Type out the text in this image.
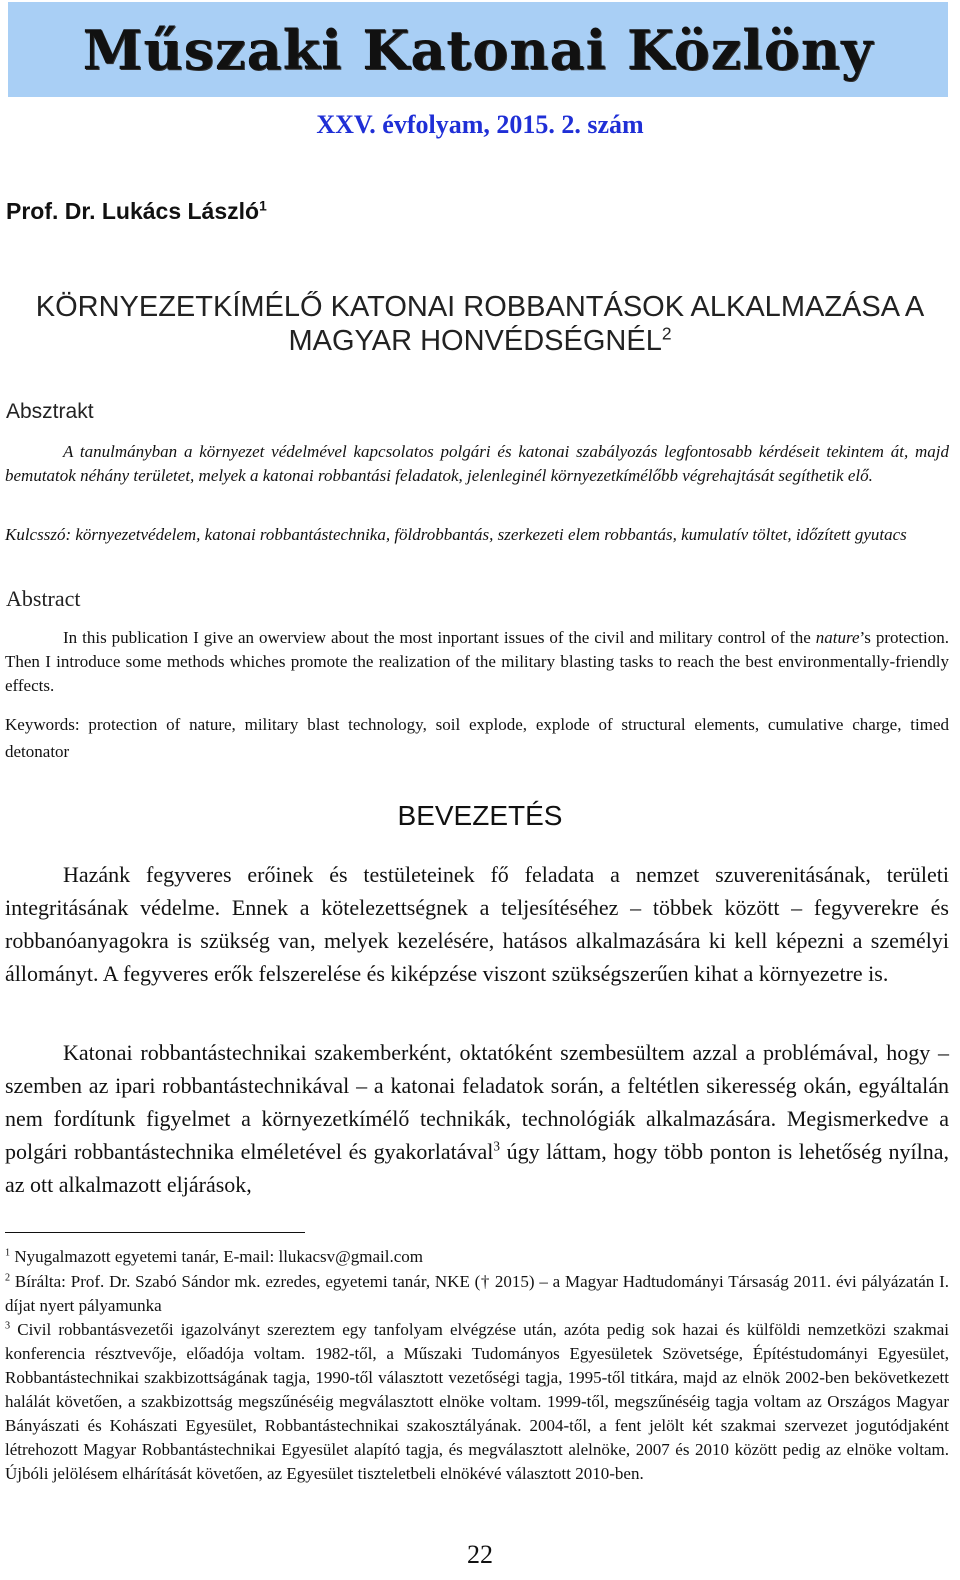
Műszaki Katonai Közlöny
XXV. évfolyam, 2015. 2. szám
Prof. Dr. Lukács László$^1$
KÖRNYEZETKÍMÉLŐ KATONAI ROBBANTÁSOK ALKALMAZÁSA A
MAGYAR HONVÉDSÉGNÉL$^2$
Absztrakt
A tanulmányban a környezet védelmével kapcsolatos polgári és katonai szabályozás legfontosabb kérdéseit tekintem át, majd bemutatok néhány területet, melyek a katonai robbantási feladatok, jelenleginél környezetkímélőbb végrehajtását segíthetik elő.
Kulcsszó: környezetvédelem, katonai robbantástechnika, földrobbantás, szerkezeti elem robbantás, kumulatív töltet, időzített gyutacs
Abstract
In this publication I give an owerview about the most inportant issues of the civil and military control of the nature’s protection. Then I introduce some methods whiches promote the realization of the military blasting tasks to reach the best environmentally-friendly effects.
Keywords: protection of nature, military blast technology, soil explode, explode of structural elements, cumulative charge, timed detonator
BEVEZETÉS
Hazánk fegyveres erőinek és testületeinek fő feladata a nemzet szuverenitásának, területi integritásának védelme. Ennek a kötelezettségnek a teljesítéséhez – többek között – fegyverekre és robbanóanyagokra is szükség van, melyek kezelésére, hatásos alkalmazására ki kell képezni a személyi állományt. A fegyveres erők felszerelése és kiképzése viszont szükségszerűen kihat a környezetre is.
Katonai robbantástechnikai szakemberként, oktatóként szembesültem azzal a problémával, hogy – szemben az ipari robbantástechnikával – a katonai feladatok során, a feltétlen sikeresség okán, egyáltalán nem fordítunk figyelmet a környezetkímélő technikák, technológiák alkalmazására. Megismerkedve a polgári robbantástechnika elméletével és gyakorlatával$^3$ úgy láttam, hogy több ponton is lehetőség nyílna, az ott alkalmazott eljárások,
$^1$ Nyugalmazott egyetemi tanár, E-mail: llukacsv@gmail.com
$^2$ Bírálta: Prof. Dr. Szabó Sándor mk. ezredes, egyetemi tanár, NKE († 2015) – a Magyar Hadtudományi Társaság 2011. évi pályázatán I. díjat nyert pályamunka
$^3$ Civil robbantásvezetői igazolványt szereztem egy tanfolyam elvégzése után, azóta pedig sok hazai és külföldi nemzetközi szakmai konferencia résztvevője, előadója voltam. 1982-től, a Műszaki Tudományos Egyesületek Szövetsége, Építéstudományi Egyesület, Robbantástechnikai szakbizottságának tagja, 1990-től választott vezetőségi tagja, 1995-től titkára, majd az elnök 2002-ben bekövetkezett halálát követően, a szakbizottság megszűnéséig megválasztott elnöke voltam. 1999-től, megszűnéséig tagja voltam az Országos Magyar Bányászati és Kohászati Egyesület, Robbantástechnikai szakosztályának. 2004-től, a fent jelölt két szakmai szervezet jogutódjaként létrehozott Magyar Robbantástechnikai Egyesület alapító tagja, és megválasztott alelnöke, 2007 és 2010 között pedig az elnöke voltam. Újbóli jelölésem elhárítását követően, az Egyesület tiszteletbeli elnökévé választott 2010-ben.
22
